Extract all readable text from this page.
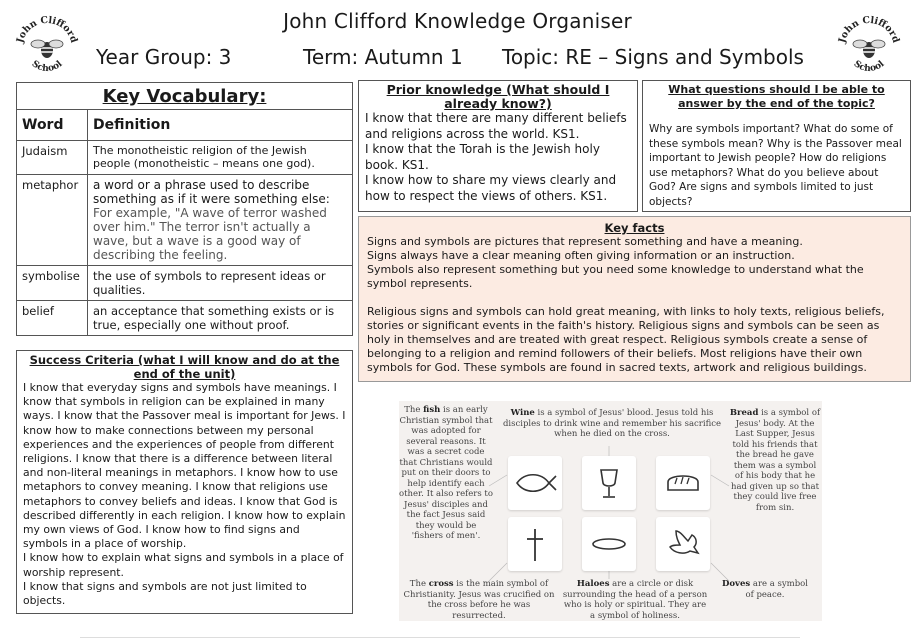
John Clifford
School
John Clifford
School
John Clifford Knowledge Organiser
Year Group: 3	Term: Autumn 1 Topic: RE – Signs and Symbols
Key Vocabulary:
Word	Definition
Judaism	The monotheistic religion of the Jewish people (monotheistic – means one god).
metaphor	a word or a phrase used to describe something as if it were something else:
For example, "A wave of terror washed over him." The terror isn't actually a wave, but a wave is a good way of describing the feeling.
symbolise	the use of symbols to represent ideas or qualities.
belief	an acceptance that something exists or is true, especially one without proof.
Success Criteria (what I will know and do at the end of the unit)
I know that everyday signs and symbols have meanings. I know that symbols in religion can be explained in many ways. I know that the Passover meal is important for Jews. I know how to make connections between my personal experiences and the experiences of people from different religions. I know that there is a difference between literal and non-literal meanings in metaphors. I know how to use metaphors to convey meaning. I know that religions use metaphors to convey beliefs and ideas. I know that God is described differently in each religion. I know how to explain my own views of God. I know how to find signs and symbols in a place of worship.
I know how to explain what signs and symbols in a place of worship represent.
I know that signs and symbols are not just limited to objects.
Prior knowledge (What should I already know?)
I know that there are many different beliefs and religions across the world. KS1.
I know that the Torah is the Jewish holy book. KS1.
I know how to share my views clearly and how to respect the views of others. KS1.
What questions should I be able to answer by the end of the topic?
Why are symbols important? What do some of these symbols mean? Why is the Passover meal important to Jewish people? How do religions use metaphors? What do you believe about God? Are signs and symbols limited to just objects?
Key facts
Signs and symbols are pictures that represent something and have a meaning.
Signs always have a clear meaning often giving information or an instruction.
Symbols also represent something but you need some knowledge to understand what the symbol represents.
Religious signs and symbols can hold great meaning, with links to holy texts, religious beliefs, stories or significant events in the faith's history. Religious signs and symbols can be seen as holy in themselves and are treated with great respect. Religious symbols create a sense of belonging to a religion and remind followers of their beliefs. Most religions have their own symbols for God. These symbols are found in sacred texts, artwork and religious buildings.
The fish is an early Christian symbol that was adopted for several reasons. It was a secret code that Christians would put on their doors to help identify each other. It also refers to Jesus' disciples and the fact Jesus said they would be 'fishers of men'.
Wine is a symbol of Jesus' blood. Jesus told his disciples to drink wine and remember his sacrifice when he died on the cross.
Bread is a symbol of Jesus' body. At the Last Supper, Jesus told his friends that the bread he gave them was a symbol of his body that he had given up so that they could live free from sin.
The cross is the main symbol of Christianity. Jesus was crucified on the cross before he was resurrected.
Haloes are a circle or disk surrounding the head of a person who is holy or spiritual. They are a symbol of holiness.
Doves are a symbol of peace.
